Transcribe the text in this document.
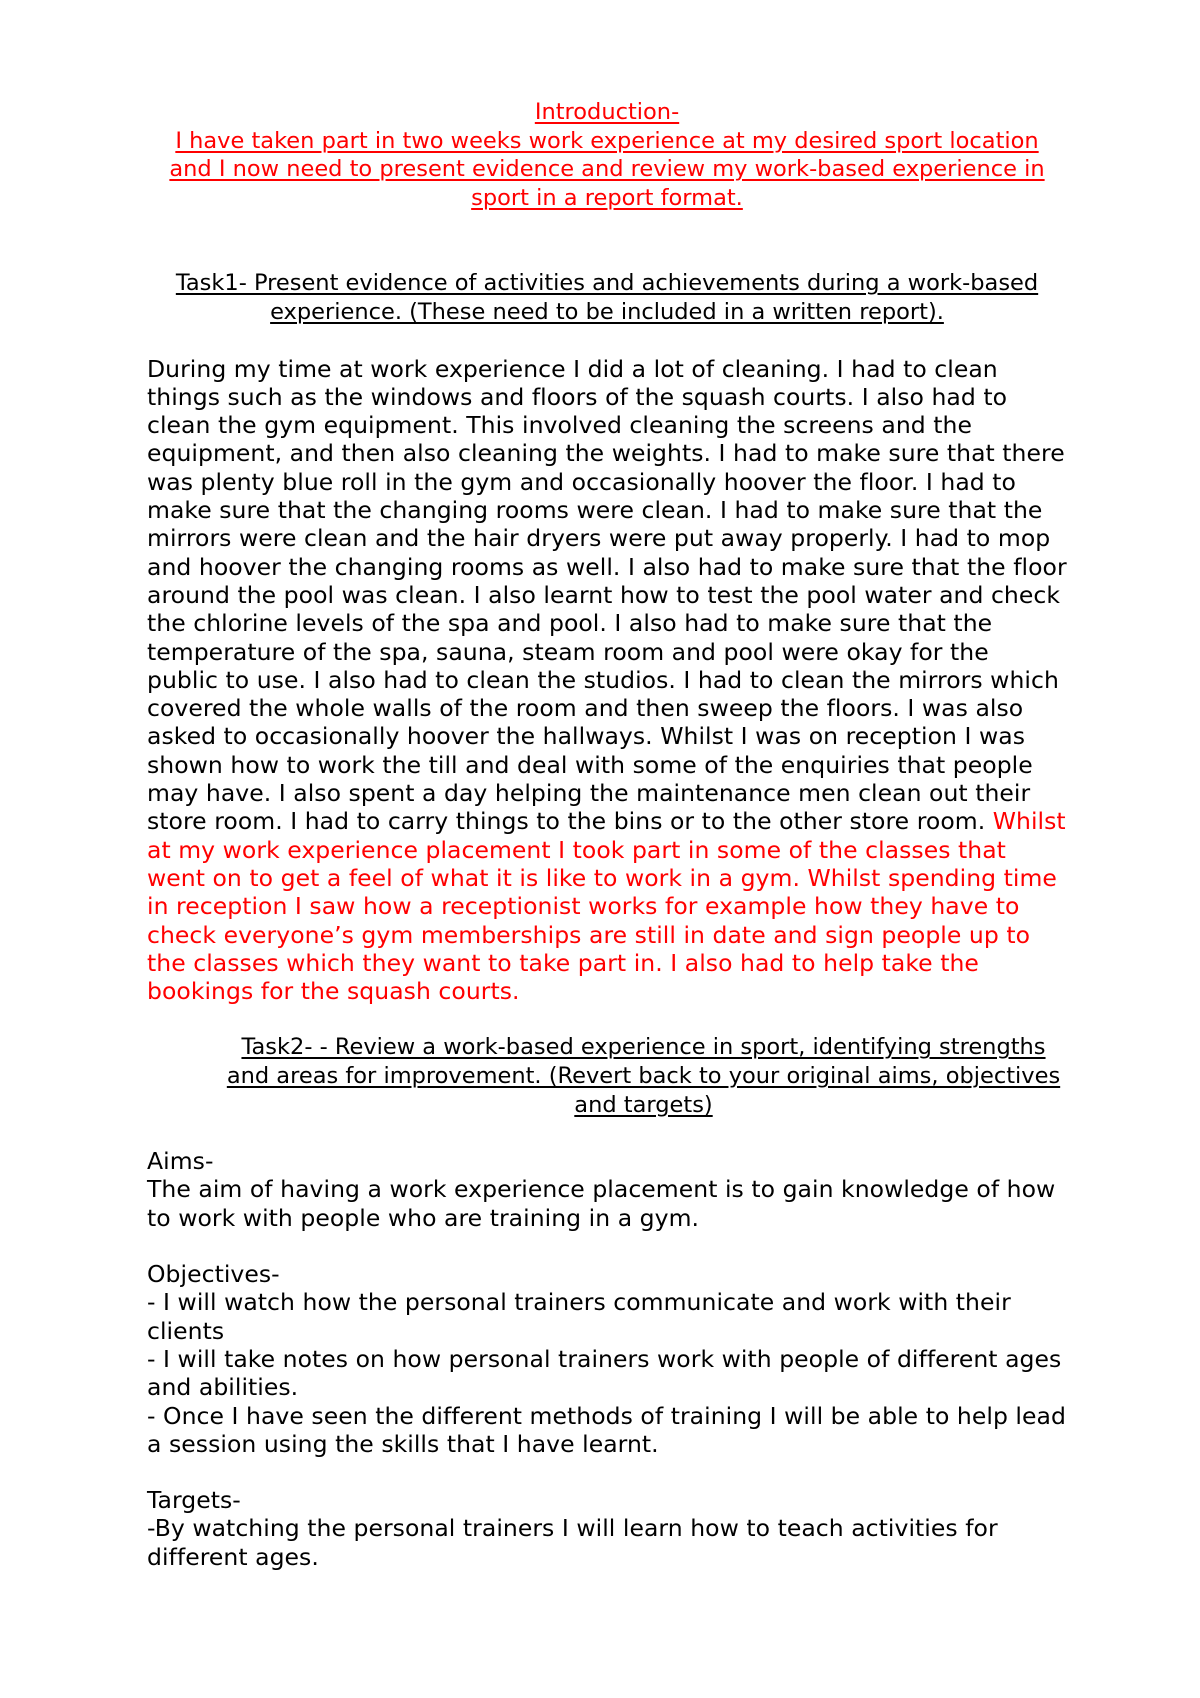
Introduction-
I have taken part in two weeks work experience at my desired sport location and I now need to present evidence and review my work-based experience in sport in a report format.
Task1- Present evidence of activities and achievements during a work-based experience. (These need to be included in a written report).

During my time at work experience I did a lot of cleaning. I had to clean things such as the windows and floors of the squash courts. I also had to clean the gym equipment. This involved cleaning the screens and the equipment, and then also cleaning the weights. I had to make sure that there was plenty blue roll in the gym and occasionally hoover the floor. I had to make sure that the changing rooms were clean. I had to make sure that the mirrors were clean and the hair dryers were put away properly. I had to mop and hoover the changing rooms as well. I also had to make sure that the floor around the pool was clean. I also learnt how to test the pool water and check the chlorine levels of the spa and pool. I also had to make sure that the temperature of the spa, sauna, steam room and pool were okay for the public to use. I also had to clean the studios. I had to clean the mirrors which covered the whole walls of the room and then sweep the floors. I was also asked to occasionally hoover the hallways. Whilst I was on reception I was shown how to work the till and deal with some of the enquiries that people may have. I also spent a day helping the maintenance men clean out their store room. I had to carry things to the bins or to the other store room. Whilst at my work experience placement I took part in some of the classes that went on to get a feel of what it is like to work in a gym. Whilst spending time in reception I saw how a receptionist works for example how they have to check everyone’s gym memberships are still in date and sign people up to the classes which they want to take part in. I also had to help take the bookings for the squash courts.

Task2- - Review a work-based experience in sport, identifying strengths and areas for improvement. (Revert back to your original aims, objectives and targets)

Aims-

The aim of having a work experience placement is to gain knowledge of how to work with people who are training in a gym.

Objectives-

- I will watch how the personal trainers communicate and work with their clients

- I will take notes on how personal trainers work with people of different ages and abilities.

- Once I have seen the different methods of training I will be able to help lead a session using the skills that I have learnt.

Targets-

-By watching the personal trainers I will learn how to teach activities for different ages.
